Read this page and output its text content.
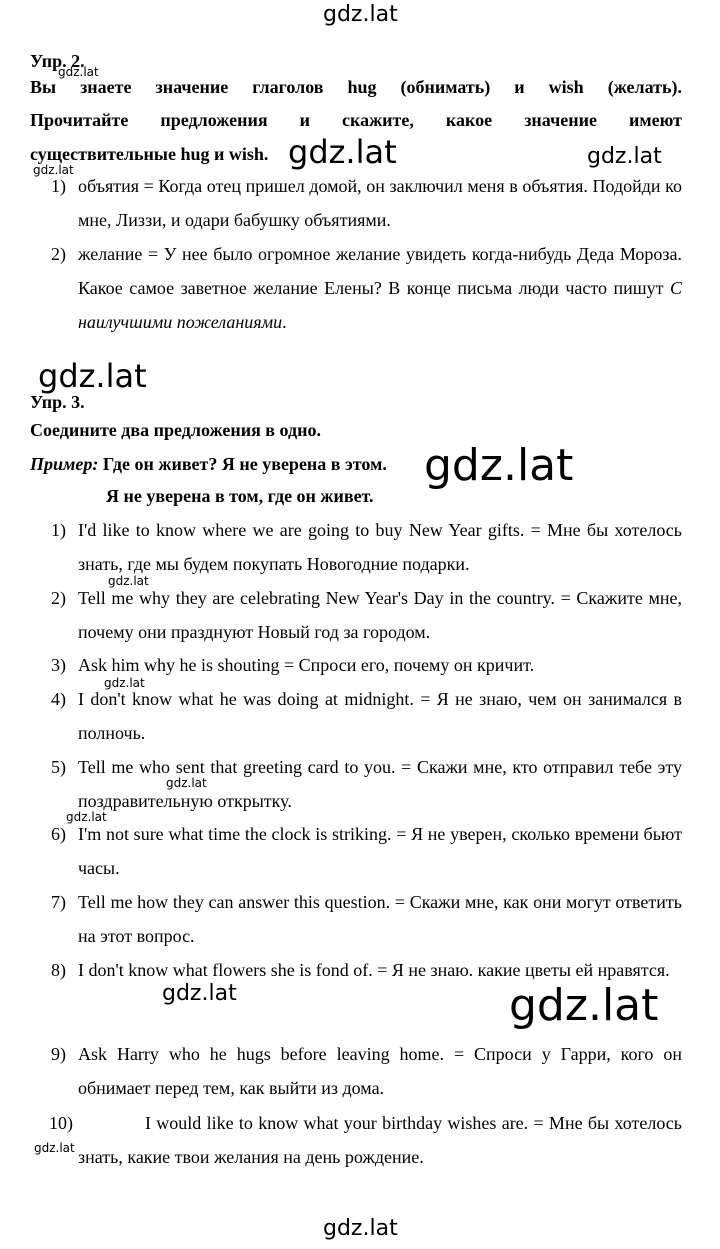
gdz.lat
gdz.lat
gdz.lat	gdz.lat
gdz.lat
gdz.lat
gdz.lat
gdz.lat
gdz.lat
gdz.lat
gdz.lat
gdz.lat	gdz.lat
gdz.lat
gdz.lat
Упр. 2.
Вы знаете значение глаголов hug (обнимать) и wish (желать).
Прочитайте предложения и скажите, какое значение имеют
существительные hug и wish.
1) объятия = Когда отец пришел домой, он заключил меня в объятия. Подойди ко мне, Лиззи, и одари бабушку объятиями.
2) желание = У нее было огромное желание увидеть когда-нибудь Деда Мороза. Какое самое заветное желание Елены? В конце письма люди часто пишут С наилучшими пожеланиями.
Упр. 3.
Соедините два предложения в одно.
Пример: Где он живет? Я не уверена в этом.
Я не уверена в том, где он живет.
1) I'd like to know where we are going to buy New Year gifts. = Мне бы хотелось знать, где мы будем покупать Новогодние подарки.
2) Tell me why they are celebrating New Year's Day in the country. = Скажите мне, почему они празднуют Новый год за городом.
3) Ask him why he is shouting = Спроси его, почему он кричит.
4) I don't know what he was doing at midnight. = Я не знаю, чем он занимался в полночь.
5) Tell me who sent that greeting card to you. = Скажи мне, кто отправил тебе эту поздравительную открытку.
6) I'm not sure what time the clock is striking. = Я не уверен, сколько времени бьют часы.
7) Tell me how they can answer this question. = Скажи мне, как они могут ответить на этот вопрос.
8) I don't know what flowers she is fond of. = Я не знаю. какие цветы ей нравятся.
9) Ask Harry who he hugs before leaving home. = Спроси у Гарри, кого он обнимает перед тем, как выйти из дома.
10)	I would like to know what your birthday wishes are. = Мне бы хотелось знать, какие твои желания на день рождение.
